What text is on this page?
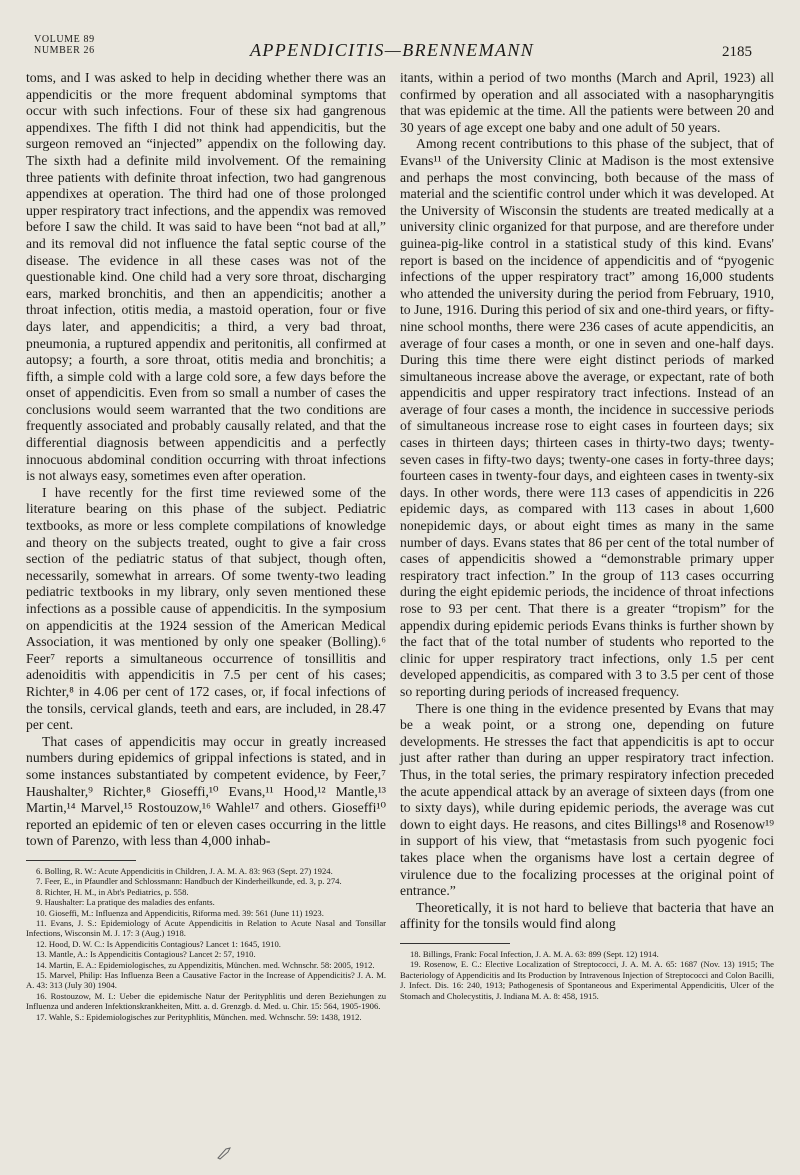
VOLUME 89
NUMBER 26	APPENDICITIS—BRENNEMANN	2185

toms, and I was asked to help in deciding whether there was an appendicitis or the more frequent abdominal symptoms that occur with such infections. Four of these six had gangrenous appendixes. The fifth I did not think had appendicitis, but the surgeon removed an “injected” appendix on the following day. The sixth had a definite mild involvement. Of the remaining three patients with definite throat infection, two had gangrenous appendixes at operation. The third had one of those prolonged upper respiratory tract infections, and the appendix was removed before I saw the child. It was said to have been “not bad at all,” and its removal did not influence the fatal septic course of the disease. The evidence in all these cases was not of the questionable kind. One child had a very sore throat, discharging ears, marked bronchitis, and then an appendicitis; another a throat infection, otitis media, a mastoid operation, four or five days later, and appendicitis; a third, a very bad throat, pneumonia, a ruptured appendix and peritonitis, all confirmed at autopsy; a fourth, a sore throat, otitis media and bronchitis; a fifth, a simple cold with a large cold sore, a few days before the onset of appendicitis. Even from so small a number of cases the conclusions would seem warranted that the two conditions are frequently associated and probably causally related, and that the differential diagnosis between appendicitis and a perfectly innocuous abdominal condition occurring with throat infections is not always easy, sometimes even after operation.

I have recently for the first time reviewed some of the literature bearing on this phase of the subject. Pediatric textbooks, as more or less complete compilations of knowledge and theory on the subjects treated, ought to give a fair cross section of the pediatric status of that subject, though often, necessarily, somewhat in arrears. Of some twenty-two leading pediatric textbooks in my library, only seven mentioned these infections as a possible cause of appendicitis. In the symposium on appendicitis at the 1924 session of the American Medical Association, it was mentioned by only one speaker (Bolling).⁶ Feer⁷ reports a simultaneous occurrence of tonsillitis and adenoiditis with appendicitis in 7.5 per cent of his cases; Richter,⁸ in 4.06 per cent of 172 cases, or, if focal infections of the tonsils, cervical glands, teeth and ears, are included, in 28.47 per cent.

That cases of appendicitis may occur in greatly increased numbers during epidemics of grippal infections is stated, and in some instances substantiated by competent evidence, by Feer,⁷ Haushalter,⁹ Richter,⁸ Gioseffi,¹⁰ Evans,¹¹ Hood,¹² Mantle,¹³ Martin,¹⁴ Marvel,¹⁵ Rostouzow,¹⁶ Wahle¹⁷ and others. Gioseffi¹⁰ reported an epidemic of ten or eleven cases occurring in the little town of Parenzo, with less than 4,000 inhab-

6. Bolling, R. W.: Acute Appendicitis in Children, J. A. M. A. 83: 963 (Sept. 27) 1924.
7. Feer, E., in Pfaundler and Schlossmann: Handbuch der Kinderheilkunde, ed. 3, p. 274.
8. Richter, H. M., in Abt's Pediatrics, p. 558.
9. Haushalter: La pratique des maladies des enfants.
10. Gioseffi, M.: Influenza and Appendicitis, Riforma med. 39: 561 (June 11) 1923.
11. Evans, J. S.: Epidemiology of Acute Appendicitis in Relation to Acute Nasal and Tonsillar Infections, Wisconsin M. J. 17: 3 (Aug.) 1918.
12. Hood, D. W. C.: Is Appendicitis Contagious? Lancet 1: 1645, 1910.
13. Mantle, A.: Is Appendicitis Contagious? Lancet 2: 57, 1910.
14. Martin, E. A.: Epidemiologisches, zu Appendizitis, München. med. Wchnschr. 58: 2005, 1912.
15. Marvel, Philip: Has Influenza Been a Causative Factor in the Increase of Appendicitis? J. A. M. A. 43: 313 (July 30) 1904.
16. Rostouzow, M. I.: Ueber die epidemische Natur der Perityphlitis und deren Beziehungen zu Influenza und anderen Infektionskrankheiten, Mitt. a. d. Grenzgb. d. Med. u. Chir. 15: 564, 1905-1906.
17. Wahle, S.: Epidemiologisches zur Perityphlitis, München. med. Wchnschr. 59: 1438, 1912.

itants, within a period of two months (March and April, 1923) all confirmed by operation and all associated with a nasopharyngitis that was epidemic at the time. All the patients were between 20 and 30 years of age except one baby and one adult of 50 years.

Among recent contributions to this phase of the subject, that of Evans¹¹ of the University Clinic at Madison is the most extensive and perhaps the most convincing, both because of the mass of material and the scientific control under which it was developed. At the University of Wisconsin the students are treated medically at a university clinic organized for that purpose, and are therefore under guinea-pig-like control in a statistical study of this kind. Evans' report is based on the incidence of appendicitis and of “pyogenic infections of the upper respiratory tract” among 16,000 students who attended the university during the period from February, 1910, to June, 1916. During this period of six and one-third years, or fifty-nine school months, there were 236 cases of acute appendicitis, an average of four cases a month, or one in seven and one-half days. During this time there were eight distinct periods of marked simultaneous increase above the average, or expectant, rate of both appendicitis and upper respiratory tract infections. Instead of an average of four cases a month, the incidence in successive periods of simultaneous increase rose to eight cases in fourteen days; six cases in thirteen days; thirteen cases in thirty-two days; twenty-seven cases in fifty-two days; twenty-one cases in forty-three days; fourteen cases in twenty-four days, and eighteen cases in twenty-six days. In other words, there were 113 cases of appendicitis in 226 epidemic days, as compared with 113 cases in about 1,600 nonepidemic days, or about eight times as many in the same number of days. Evans states that 86 per cent of the total number of cases of appendicitis showed a “demonstrable primary upper respiratory tract infection.” In the group of 113 cases occurring during the eight epidemic periods, the incidence of throat infections rose to 93 per cent. That there is a greater “tropism” for the appendix during epidemic periods Evans thinks is further shown by the fact that of the total number of students who reported to the clinic for upper respiratory tract infections, only 1.5 per cent developed appendicitis, as compared with 3 to 3.5 per cent of those so reporting during periods of increased frequency.

There is one thing in the evidence presented by Evans that may be a weak point, or a strong one, depending on future developments. He stresses the fact that appendicitis is apt to occur just after rather than during an upper respiratory tract infection. Thus, in the total series, the primary respiratory infection preceded the acute appendical attack by an average of sixteen days (from one to sixty days), while during epidemic periods, the average was cut down to eight days. He reasons, and cites Billings¹⁸ and Rosenow¹⁹ in support of his view, that “metastasis from such pyogenic foci takes place when the organisms have lost a certain degree of virulence due to the focalizing processes at the original point of entrance.”

Theoretically, it is not hard to believe that bacteria that have an affinity for the tonsils would find along

18. Billings, Frank: Focal Infection, J. A. M. A. 63: 899 (Sept. 12) 1914.
19. Rosenow, E. C.: Elective Localization of Streptococci, J. A. M. A. 65: 1687 (Nov. 13) 1915; The Bacteriology of Appendicitis and Its Production by Intravenous Injection of Streptococci and Colon Bacilli, J. Infect. Dis. 16: 240, 1913; Pathogenesis of Spontaneous and Experimental Appendicitis, Ulcer of the Stomach and Cholecystitis, J. Indiana M. A. 8: 458, 1915.
